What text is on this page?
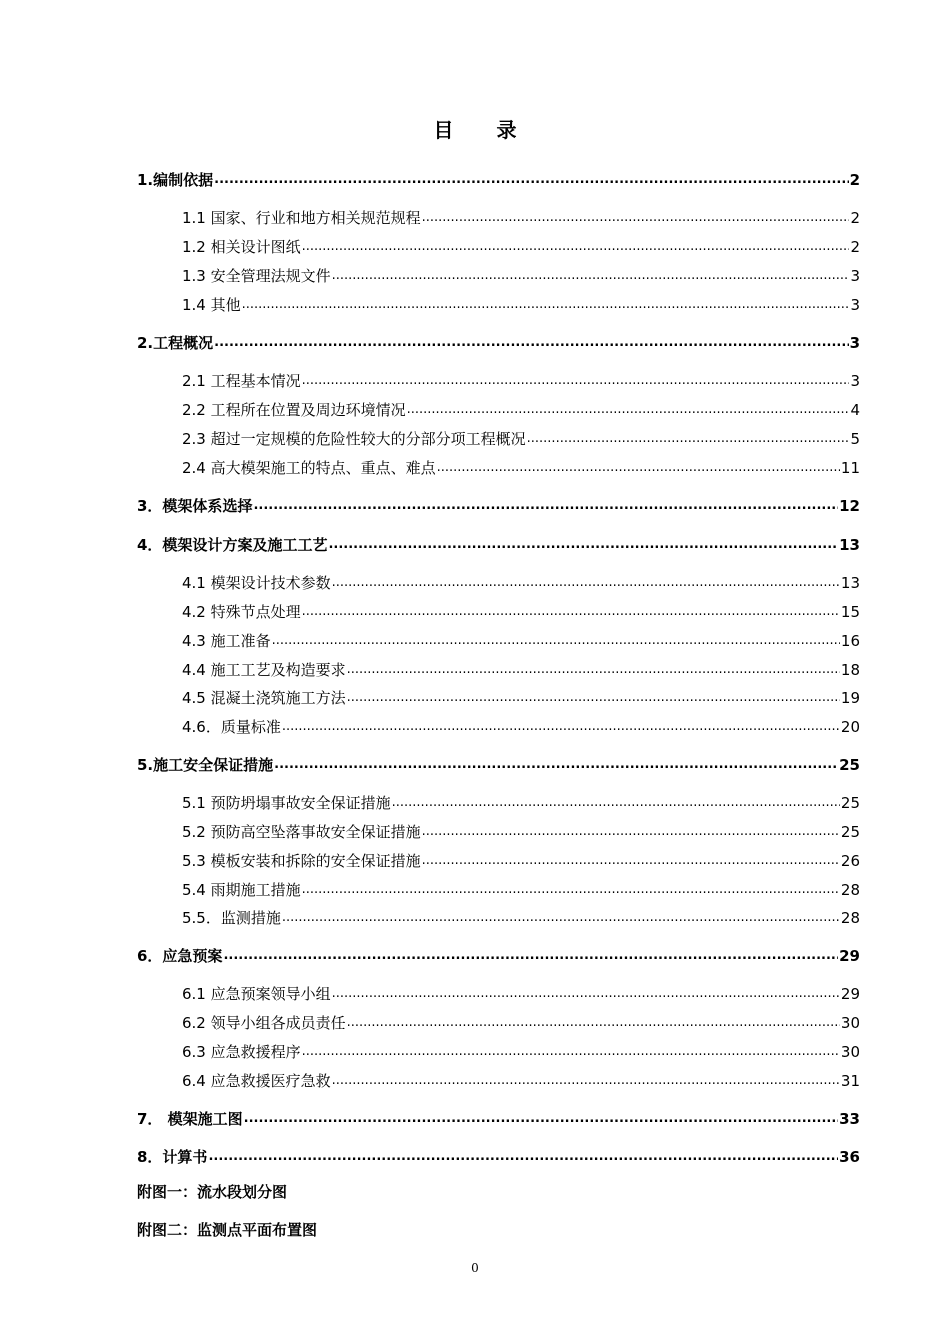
目 录
1.编制依据 .....	2
1.1 国家、行业和地方相关规范规程 .....	2
1.2 相关设计图纸 .....	2
1.3 安全管理法规文件 .....	3
1.4 其他 .....	3
2.工程概况 .....	3
2.1 工程基本情况 .....	3
2.2 工程所在位置及周边环境情况 .....	4
2.3 超过一定规模的危险性较大的分部分项工程概况 .....	5
2.4 高大模架施工的特点、重点、难点 .....	11
3．模架体系选择 .....	12
4．模架设计方案及施工工艺 .....	13
4.1 模架设计技术参数 .....	13
4.2 特殊节点处理 .....	15
4.3 施工准备 .....	16
4.4 施工工艺及构造要求 .....	18
4.5 混凝土浇筑施工方法 .....	19
4.6．质量标准 .....	20
5.施工安全保证措施 .....	25
5.1 预防坍塌事故安全保证措施 .....	25
5.2 预防高空坠落事故安全保证措施 .....	25
5.3 模板安装和拆除的安全保证措施 .....	26
5.4 雨期施工措施 .....	28
5.5．监测措施 .....	28
6．应急预案 .....	29
6.1 应急预案领导小组 .....	29
6.2 领导小组各成员责任 .....	30
6.3 应急救援程序 .....	30
6.4 应急救援医疗急救 .....	31
7． 模架施工图 .....	33
8．计算书 .....	36
附图一：流水段划分图
附图二：监测点平面布置图
0
